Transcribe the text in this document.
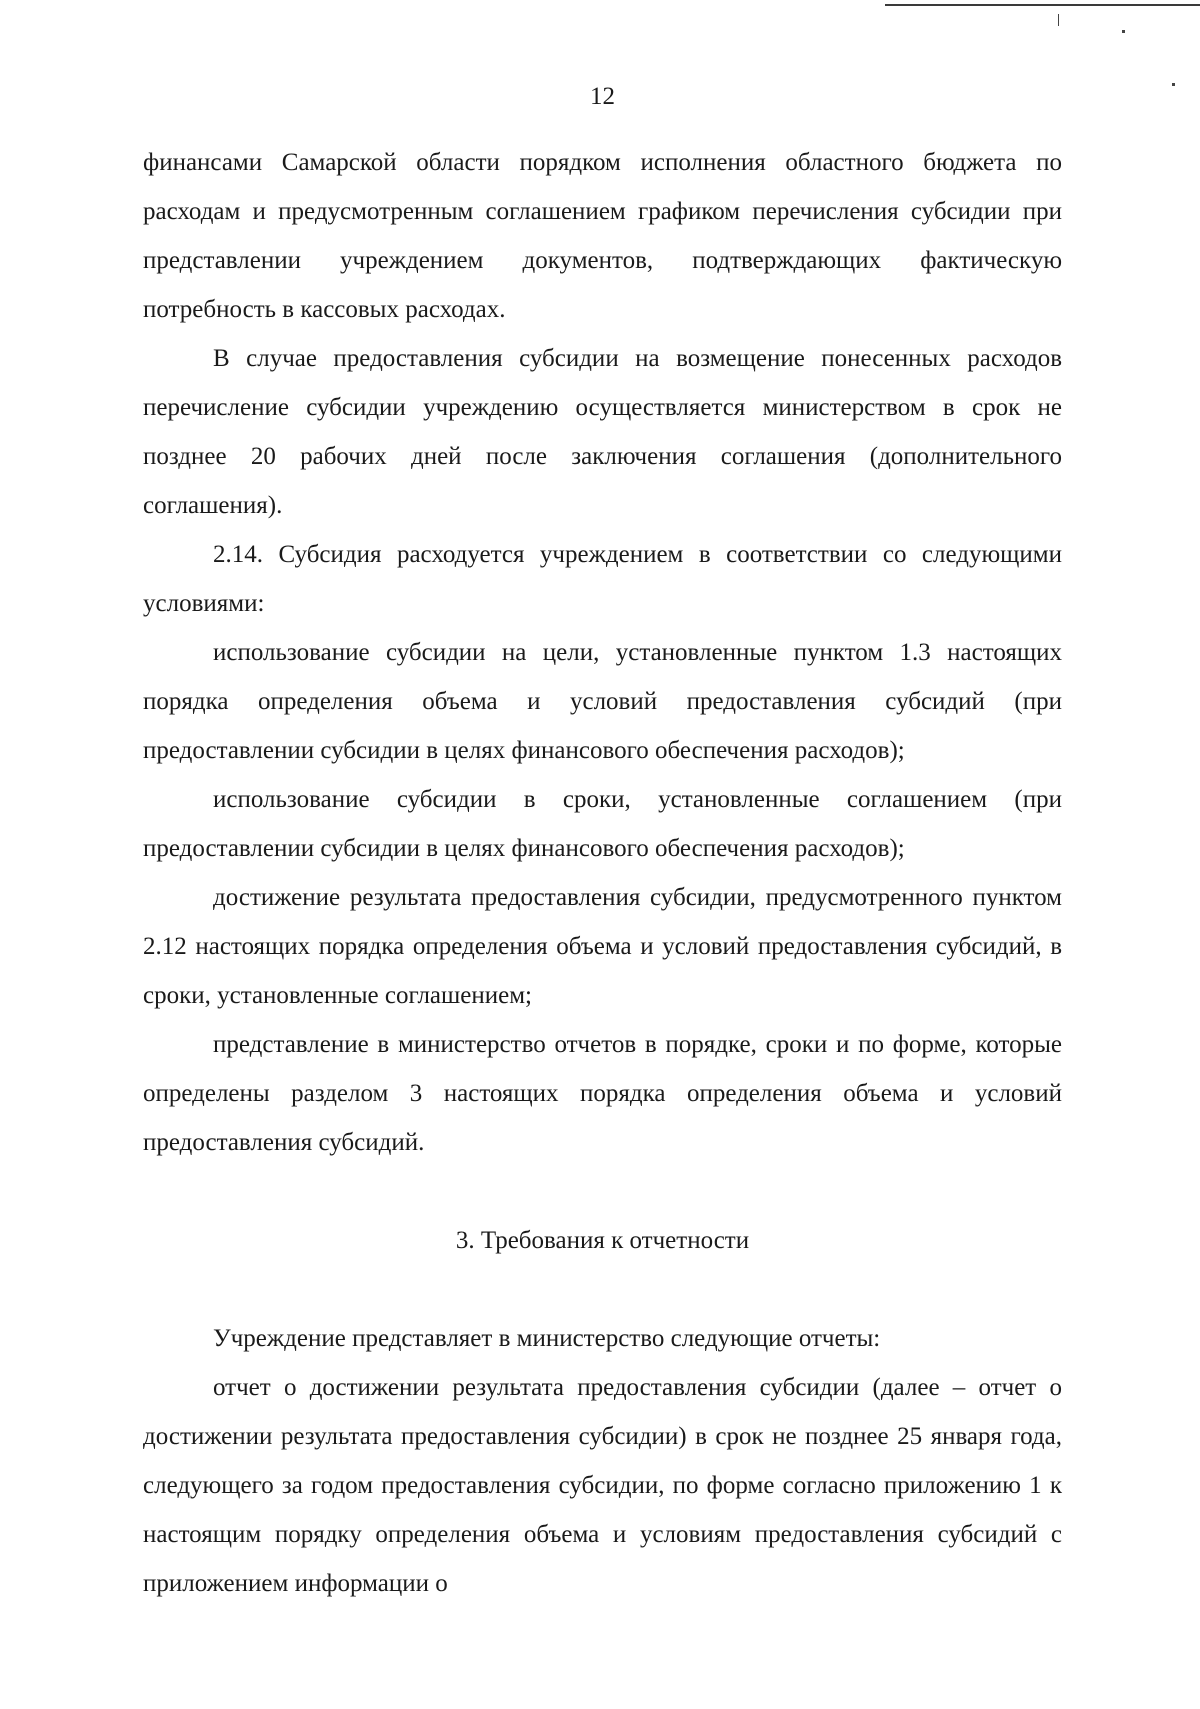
12

финансами Самарской области порядком исполнения областного бюджета по расходам и предусмотренным соглашением графиком перечисления субсидии при представлении учреждением документов, подтверждающих фактическую потребность в кассовых расходах.

В случае предоставления субсидии на возмещение понесенных расходов перечисление субсидии учреждению осуществляется министерством в срок не позднее 20 рабочих дней после заключения соглашения (дополнительного соглашения).

2.14. Субсидия расходуется учреждением в соответствии со следующими условиями:

использование субсидии на цели, установленные пунктом 1.3 настоящих порядка определения объема и условий предоставления субсидий (при предоставлении субсидии в целях финансового обеспечения расходов);

использование субсидии в сроки, установленные соглашением (при предоставлении субсидии в целях финансового обеспечения расходов);

достижение результата предоставления субсидии, предусмотренного пунктом 2.12 настоящих порядка определения объема и условий предоставления субсидий, в сроки, установленные соглашением;

представление в министерство отчетов в порядке, сроки и по форме, которые определены разделом 3 настоящих порядка определения объема и условий предоставления субсидий.

3. Требования к отчетности

Учреждение представляет в министерство следующие отчеты:

отчет о достижении результата предоставления субсидии (далее – отчет о достижении результата предоставления субсидии) в срок не позднее 25 января года, следующего за годом предоставления субсидии, по форме согласно приложению 1 к настоящим порядку определения объема и условиям предоставления субсидий с приложением информации о
